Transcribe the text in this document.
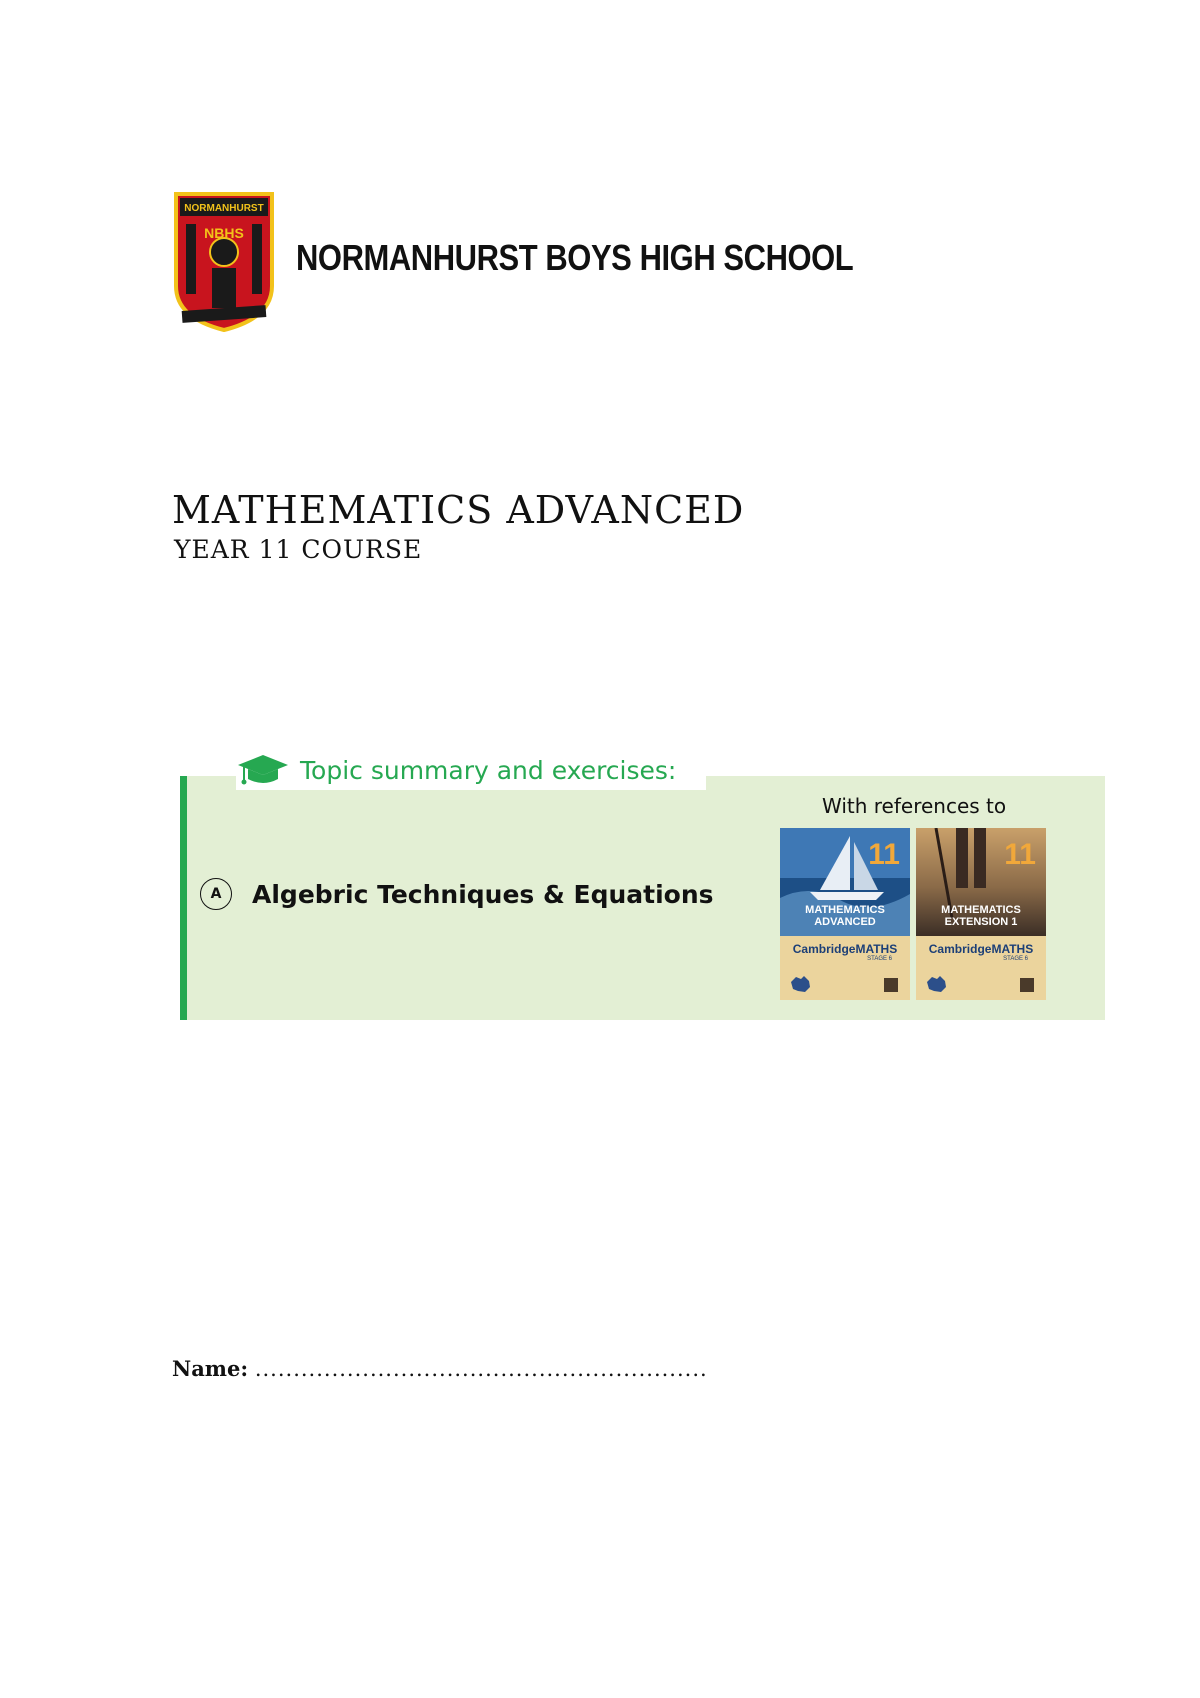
NORMANHURST
NBHS
NORMANHURST BOYS HIGH SCHOOL
MATHEMATICS ADVANCED
YEAR 11 COURSE
Topic summary and exercises:
With references to
A	Algebric Techniques & Equations
11
MATHEMATICS
ADVANCED
CambridgeMATHS
STAGE 6
11
MATHEMATICS
EXTENSION 1
CambridgeMATHS
STAGE 6
Name: ...........................................................
